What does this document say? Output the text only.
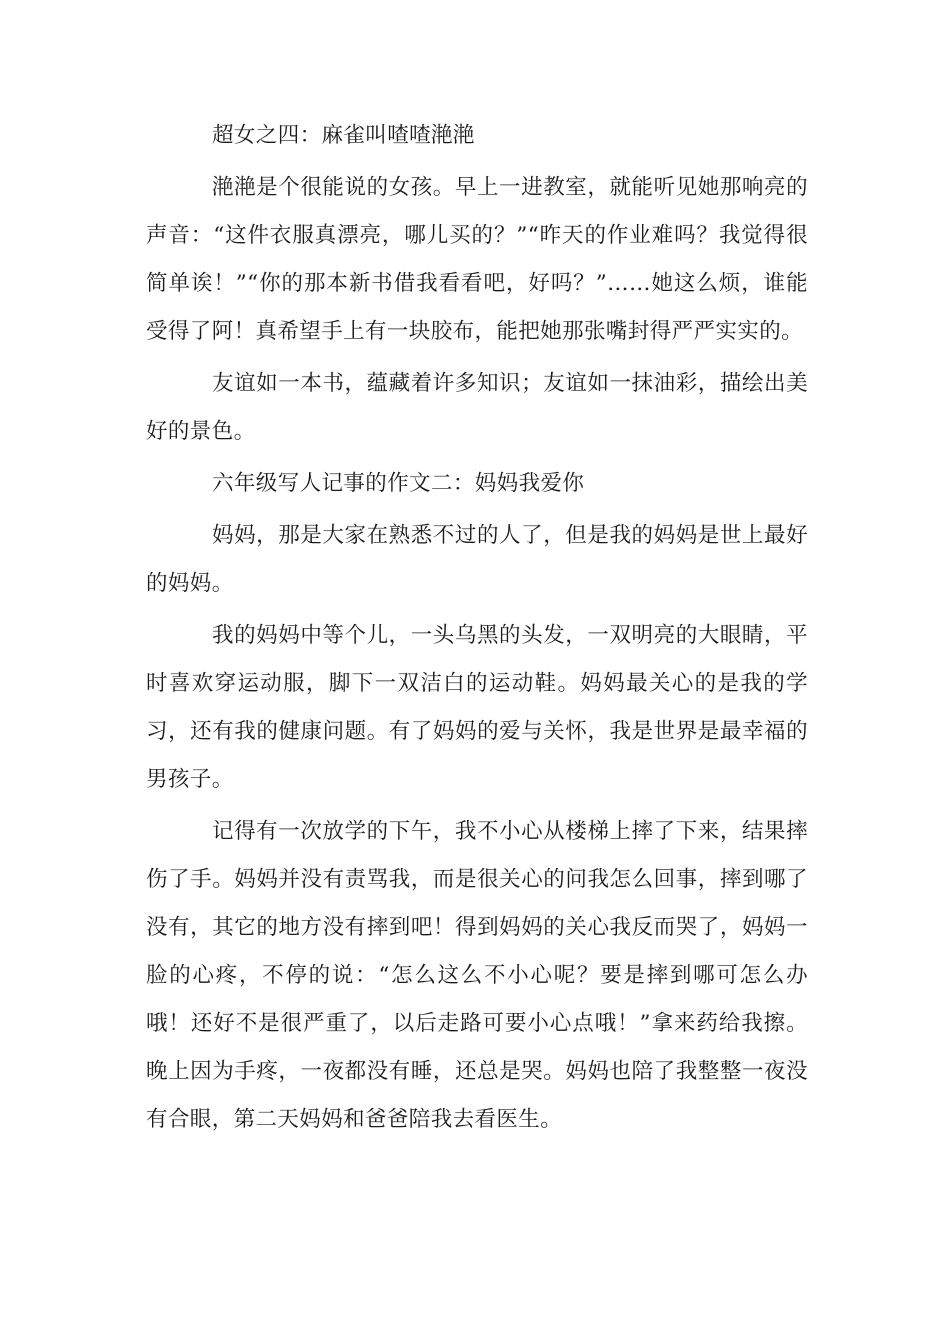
超女之四：麻雀叫喳喳滟滟

滟滟是个很能说的女孩。早上一进教室，就能听见她那响亮的声音：“这件衣服真漂亮，哪儿买的？”“昨天的作业难吗？我觉得很简单诶！”“你的那本新书借我看看吧，好吗？”……她这么烦，谁能受得了阿！真希望手上有一块胶布，能把她那张嘴封得严严实实的。

友谊如一本书，蕴藏着许多知识；友谊如一抹油彩，描绘出美好的景色。

六年级写人记事的作文二：妈妈我爱你

妈妈，那是大家在熟悉不过的人了，但是我的妈妈是世上最好的妈妈。

我的妈妈中等个儿，一头乌黑的头发，一双明亮的大眼睛，平时喜欢穿运动服，脚下一双洁白的运动鞋。妈妈最关心的是我的学习，还有我的健康问题。有了妈妈的爱与关怀，我是世界是最幸福的男孩子。

记得有一次放学的下午，我不小心从楼梯上摔了下来，结果摔伤了手。妈妈并没有责骂我，而是很关心的问我怎么回事，摔到哪了没有，其它的地方没有摔到吧！得到妈妈的关心我反而哭了，妈妈一脸的心疼，不停的说：“怎么这么不小心呢？要是摔到哪可怎么办哦！还好不是很严重了，以后走路可要小心点哦！”拿来药给我擦。晚上因为手疼，一夜都没有睡，还总是哭。妈妈也陪了我整整一夜没有合眼，第二天妈妈和爸爸陪我去看医生。
